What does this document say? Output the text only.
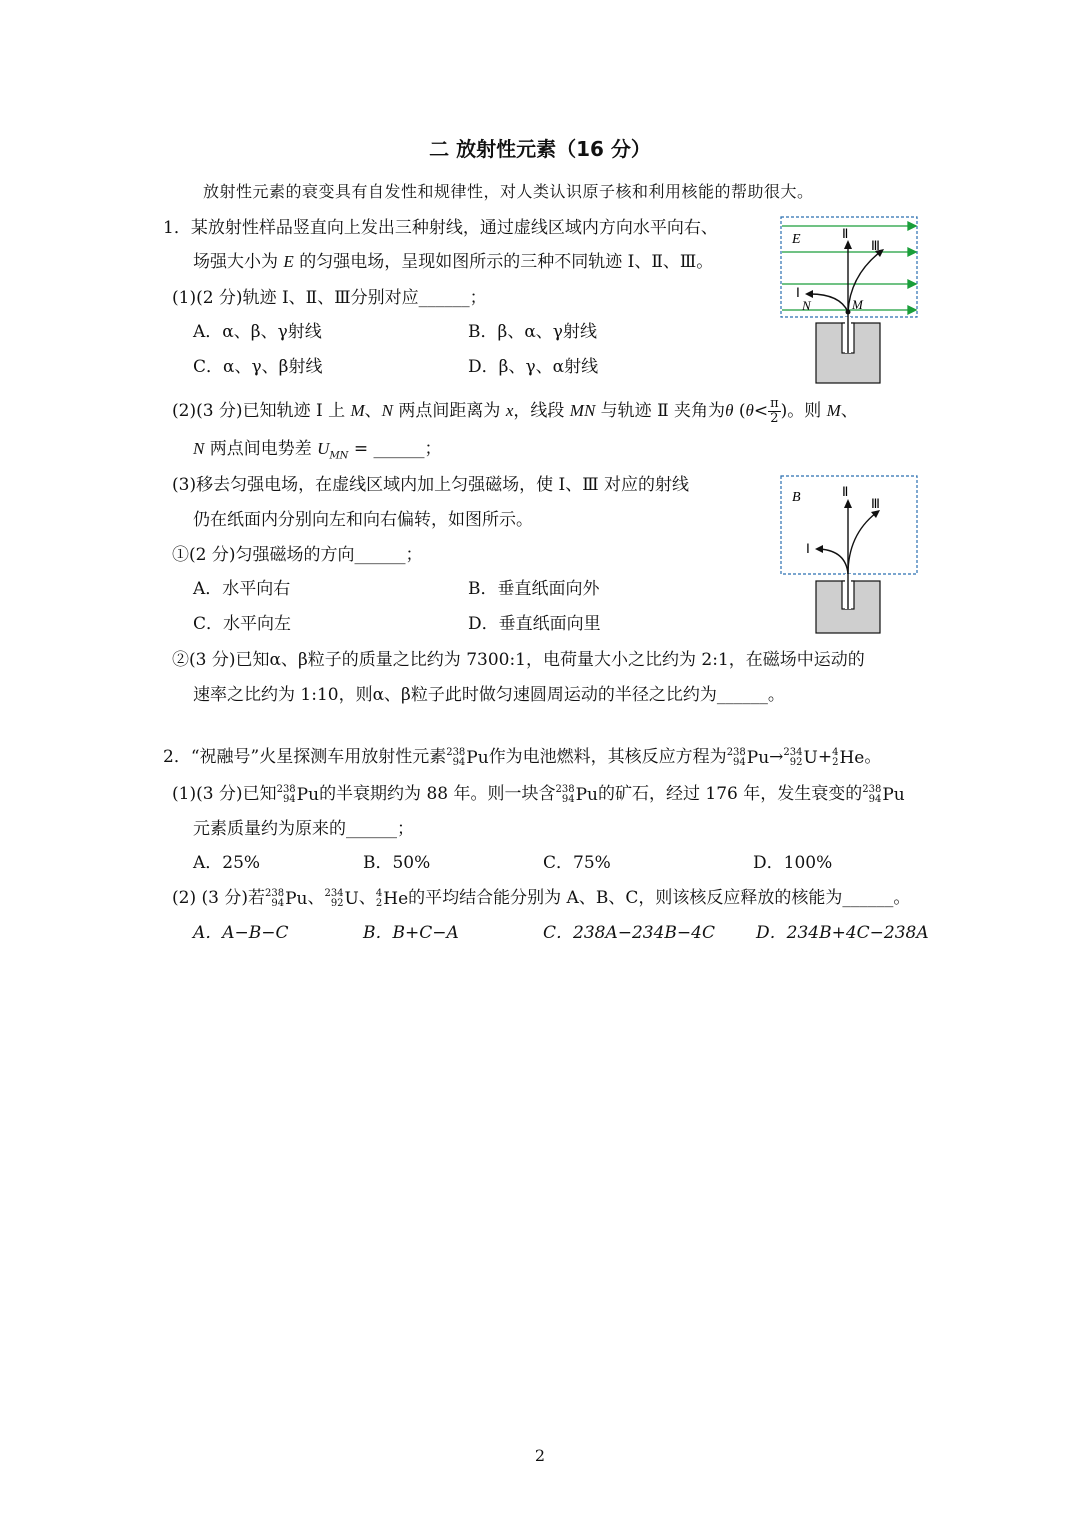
二 放射性元素（16 分）
放射性元素的衰变具有自发性和规律性，对人类认识原子核和利用核能的帮助很大。
1．某放射性样品竖直向上发出三种射线，通过虚线区域内方向水平向右、
场强大小为 E 的匀强电场，呈现如图所示的三种不同轨迹 Ⅰ、Ⅱ、Ⅲ。
(1)(2 分)轨迹 Ⅰ、Ⅱ、Ⅲ分别对应______；
A．α、β、γ射线	B．β、α、γ射线
C．α、γ、β射线	D．β、γ、α射线
(2)(3 分)已知轨迹 Ⅰ 上 M、N 两点间距离为 x，线段 MN 与轨迹 Ⅱ 夹角为θ ($\theta< \frac{\pi}{2}$ )。则 M、
N 两点间电势差 $U_{MN}$ = ______；
(3)移去匀强电场，在虚线区域内加上匀强磁场，使 Ⅰ、Ⅲ 对应的射线
仍在纸面内分别向左和向右偏转，如图所示。
①(2 分)匀强磁场的方向______；
A．水平向右	B．垂直纸面向外
C．水平向左	D．垂直纸面向里
②(3 分)已知α、β粒子的质量之比约为 7300:1，电荷量大小之比约为 2:1，在磁场中运动的
速率之比约为 1:10，则α、β粒子此时做匀速圆周运动的半径之比约为______。
E	Ⅱ
Ⅲ
Ⅰ
N	M
B	Ⅱ
Ⅲ
Ⅰ
2．“祝融号”火星探测车用放射性元素 238
94 Pu作为电池燃料，其核反应方程为 238
94 Pu→ 234
92 U+ 4
2 He。
(1)(3 分)已知 238
94 Pu的半衰期约为 88 年。则一块含 238
94 Pu的矿石，经过 176 年，发生衰变的 238
94 Pu
元素质量约为原来的______；
A．25%	B．50%	C．75%	D．100%
(2) (3 分)若 238
94 Pu、 234
92 U、 4
2 He的平均结合能分别为 A、B、C，则该核反应释放的核能为______。
A．A−B−C	B．B+C−A	C．238A−234B−4C D．234B+4C−238A
2
